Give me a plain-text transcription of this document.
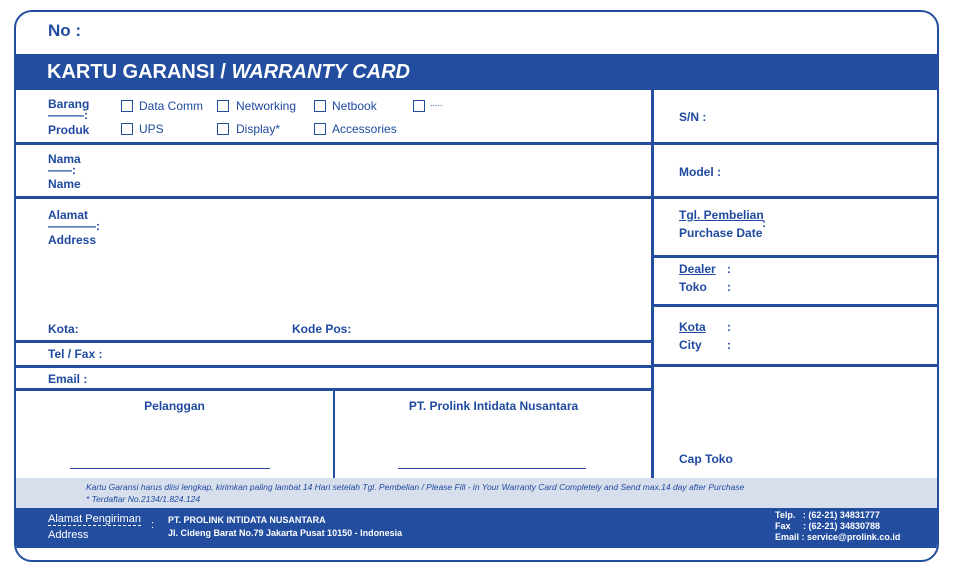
No :
KARTU GARANSI / WARRANTY CARD
Barang
———:
Produk
Data Comm	Networking	Netbook	.....
UPS	Display*	Accessories
Nama
——:
Name
Alamat
————:
Address
Kota:	Kode Pos:
Tel / Fax :
Email :
Pelanggan	PT. Prolink Intidata Nusantara
S/N :
Model :
Tgl. Pembelian
:
Purchase Date
Dealer :
Toko :
Kota :
City :
Cap Toko
Kartu Garansi harus diisi lengkap, kirimkan paling lambat 14 Hari setelah Tgl. Pembelian / Please Fill - in Your Warranty Card Completely and Send max.14 day after Purchase
* Terdaftar No.2134/1.824.124
Alamat Pengiriman :
Address
PT. PROLINK INTIDATA NUSANTARA
Jl. Cideng Barat No.79 Jakarta Pusat 10150 - Indonesia
Telp.   : (62-21) 34831777
Fax     : (62-21) 34830788
Email : service@prolink.co.id
